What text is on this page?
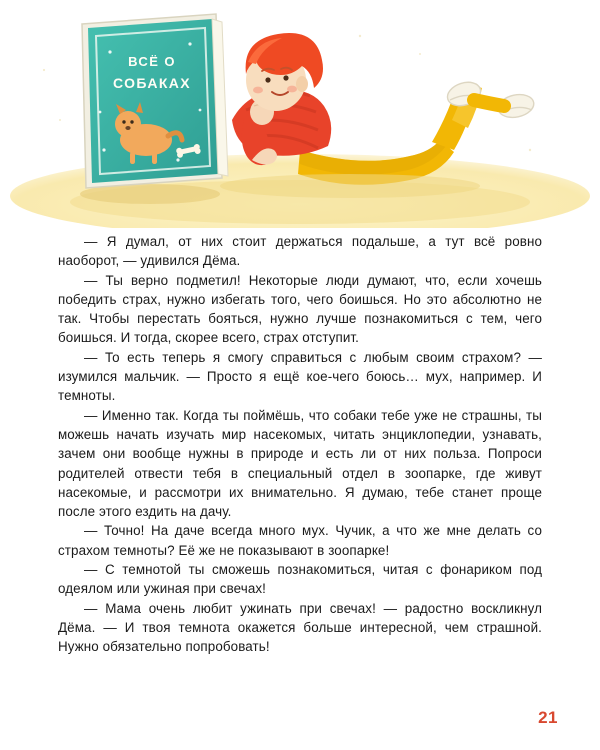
ВСЁ О
СОБАКАХ

— Я думал, от них стоит держаться подальше, а тут всё ровно наоборот, — удивился Дёма.

— Ты верно подметил! Некоторые люди думают, что, если хочешь победить страх, нужно избегать того, чего боишься. Но это абсолютно не так. Чтобы перестать бояться, нужно лучше познакомиться с тем, чего боишься. И тогда, скорее всего, страх отступит.

— То есть теперь я смогу справиться с любым своим страхом? — изумился мальчик. — Просто я ещё кое-чего боюсь… мух, например. И темноты.

— Именно так. Когда ты поймёшь, что собаки тебе уже не страшны, ты можешь начать изучать мир насекомых, читать энциклопедии, узнавать, зачем они вообще нужны в природе и есть ли от них польза. Попроси родителей отвести тебя в специальный отдел в зоопарке, где живут насекомые, и рассмотри их внимательно. Я думаю, тебе станет проще после этого ездить на дачу.

— Точно! На даче всегда много мух. Чучик, а что же мне делать со страхом темноты? Её же не показывают в зоопарке!

— С темнотой ты сможешь познакомиться, читая с фонариком под одеялом или ужиная при свечах!

— Мама очень любит ужинать при свечах! — радостно воскликнул Дёма. — И твоя темнота окажется больше интересной, чем страшной. Нужно обязательно попробовать!

21
